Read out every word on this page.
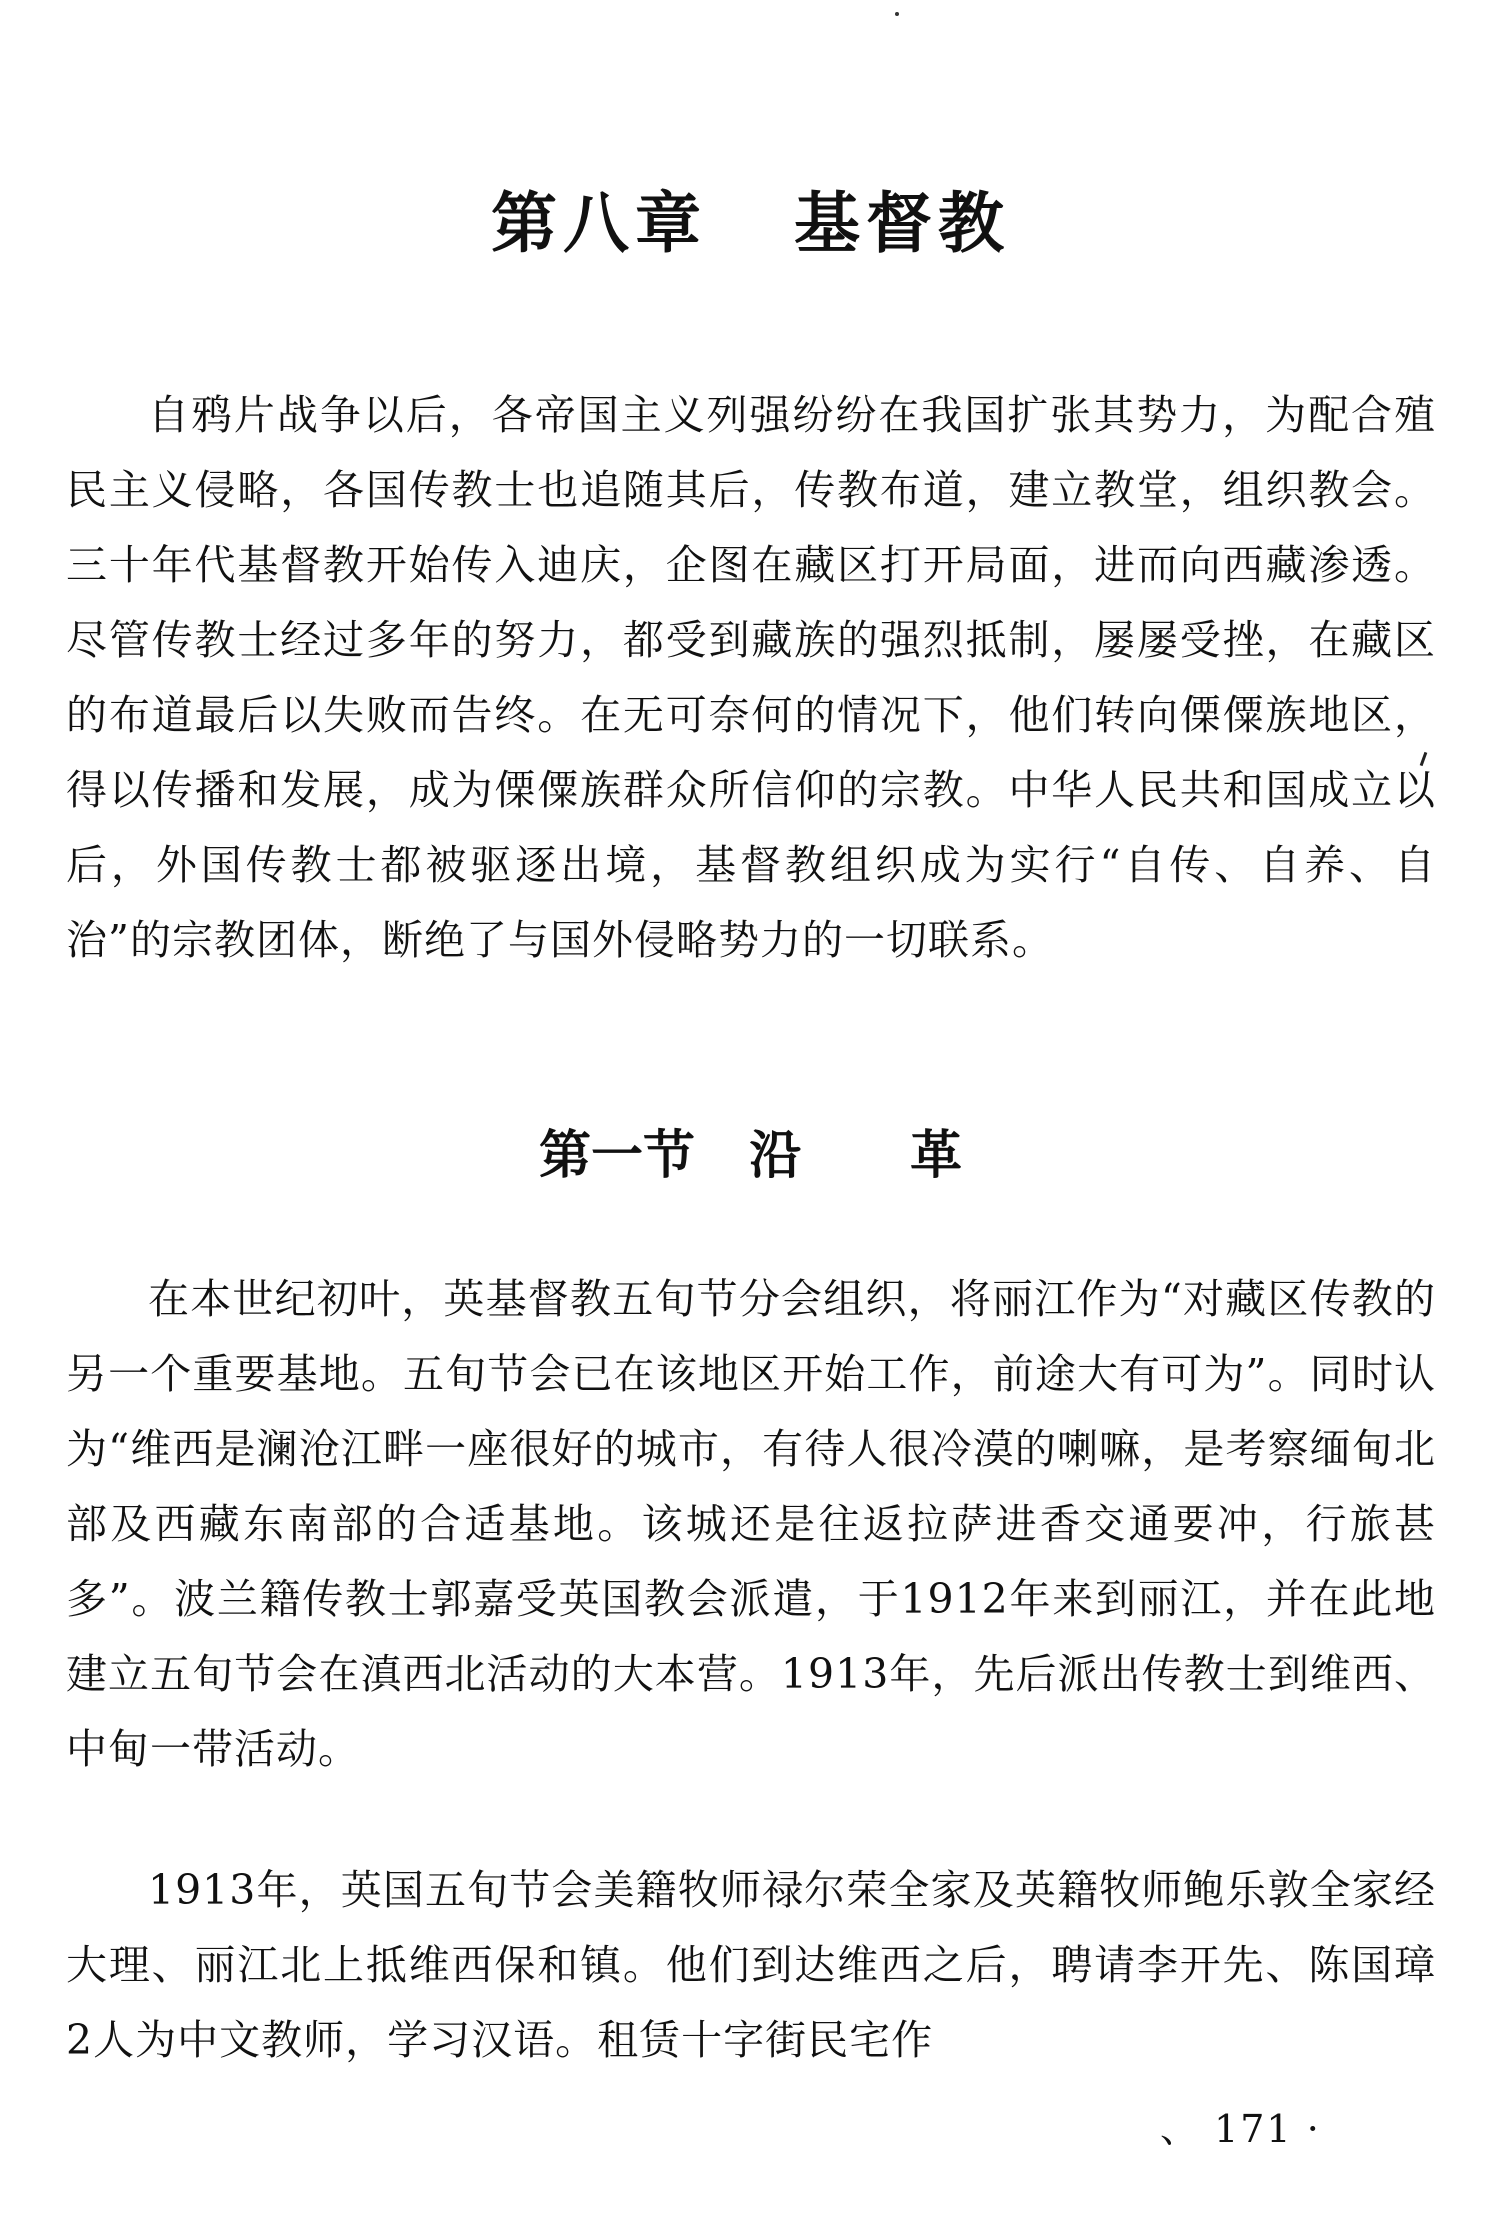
第八章   基督教

自鸦片战争以后，各帝国主义列强纷纷在我国扩张其势力，为配合殖民主义侵略，各国传教士也追随其后，传教布道，建立教堂，组织教会。三十年代基督教开始传入迪庆，企图在藏区打开局面，进而向西藏渗透。尽管传教士经过多年的努力，都受到藏族的强烈抵制，屡屡受挫，在藏区的布道最后以失败而告终。在无可奈何的情况下，他们转向傈僳族地区，得以传播和发展，成为傈僳族群众所信仰的宗教。中华人民共和国成立以后，外国传教士都被驱逐出境，基督教组织成为实行“自传、自养、自治”的宗教团体，断绝了与国外侵略势力的一切联系。

第一节   沿      革

在本世纪初叶，英基督教五旬节分会组织，将丽江作为“对藏区传教的另一个重要基地。五旬节会已在该地区开始工作，前途大有可为”。同时认为“维西是澜沧江畔一座很好的城市，有待人很冷漠的喇嘛，是考察缅甸北部及西藏东南部的合适基地。该城还是往返拉萨进香交通要冲，行旅甚多”。波兰籍传教士郭嘉受英国教会派遣，于1912年来到丽江，并在此地建立五旬节会在滇西北活动的大本营。1913年，先后派出传教士到维西、中甸一带活动。

1913年，英国五旬节会美籍牧师禄尔荣全家及英籍牧师鲍乐敦全家经大理、丽江北上抵维西保和镇。他们到达维西之后，聘请李开先、陈国璋2人为中文教师，学习汉语。租赁十字街民宅作

、 171 ·
